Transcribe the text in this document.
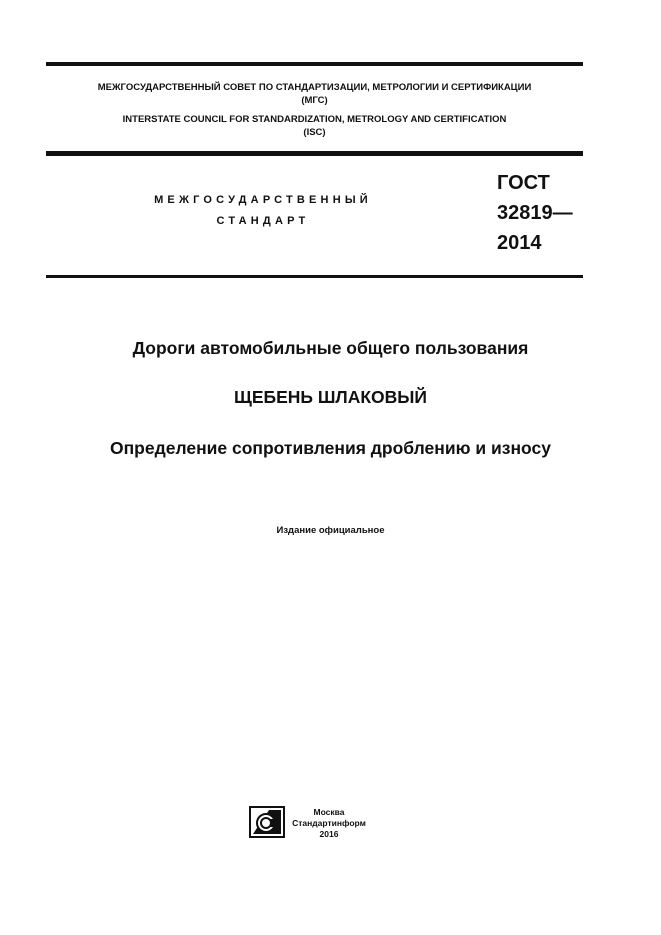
МЕЖГОСУДАРСТВЕННЫЙ СОВЕТ ПО СТАНДАРТИЗАЦИИ, МЕТРОЛОГИИ И СЕРТИФИКАЦИИ
(МГС)
INTERSTATE COUNCIL FOR STANDARDIZATION, METROLOGY AND CERTIFICATION
(ISC)
МЕЖГОСУДАРСТВЕННЫЙ
СТАНДАРТ
ГОСТ
32819—
2014
Дороги автомобильные общего пользования
ЩЕБЕНЬ ШЛАКОВЫЙ
Определение сопротивления дроблению и износу
Издание официальное
Москва
Стандартинформ
2016
